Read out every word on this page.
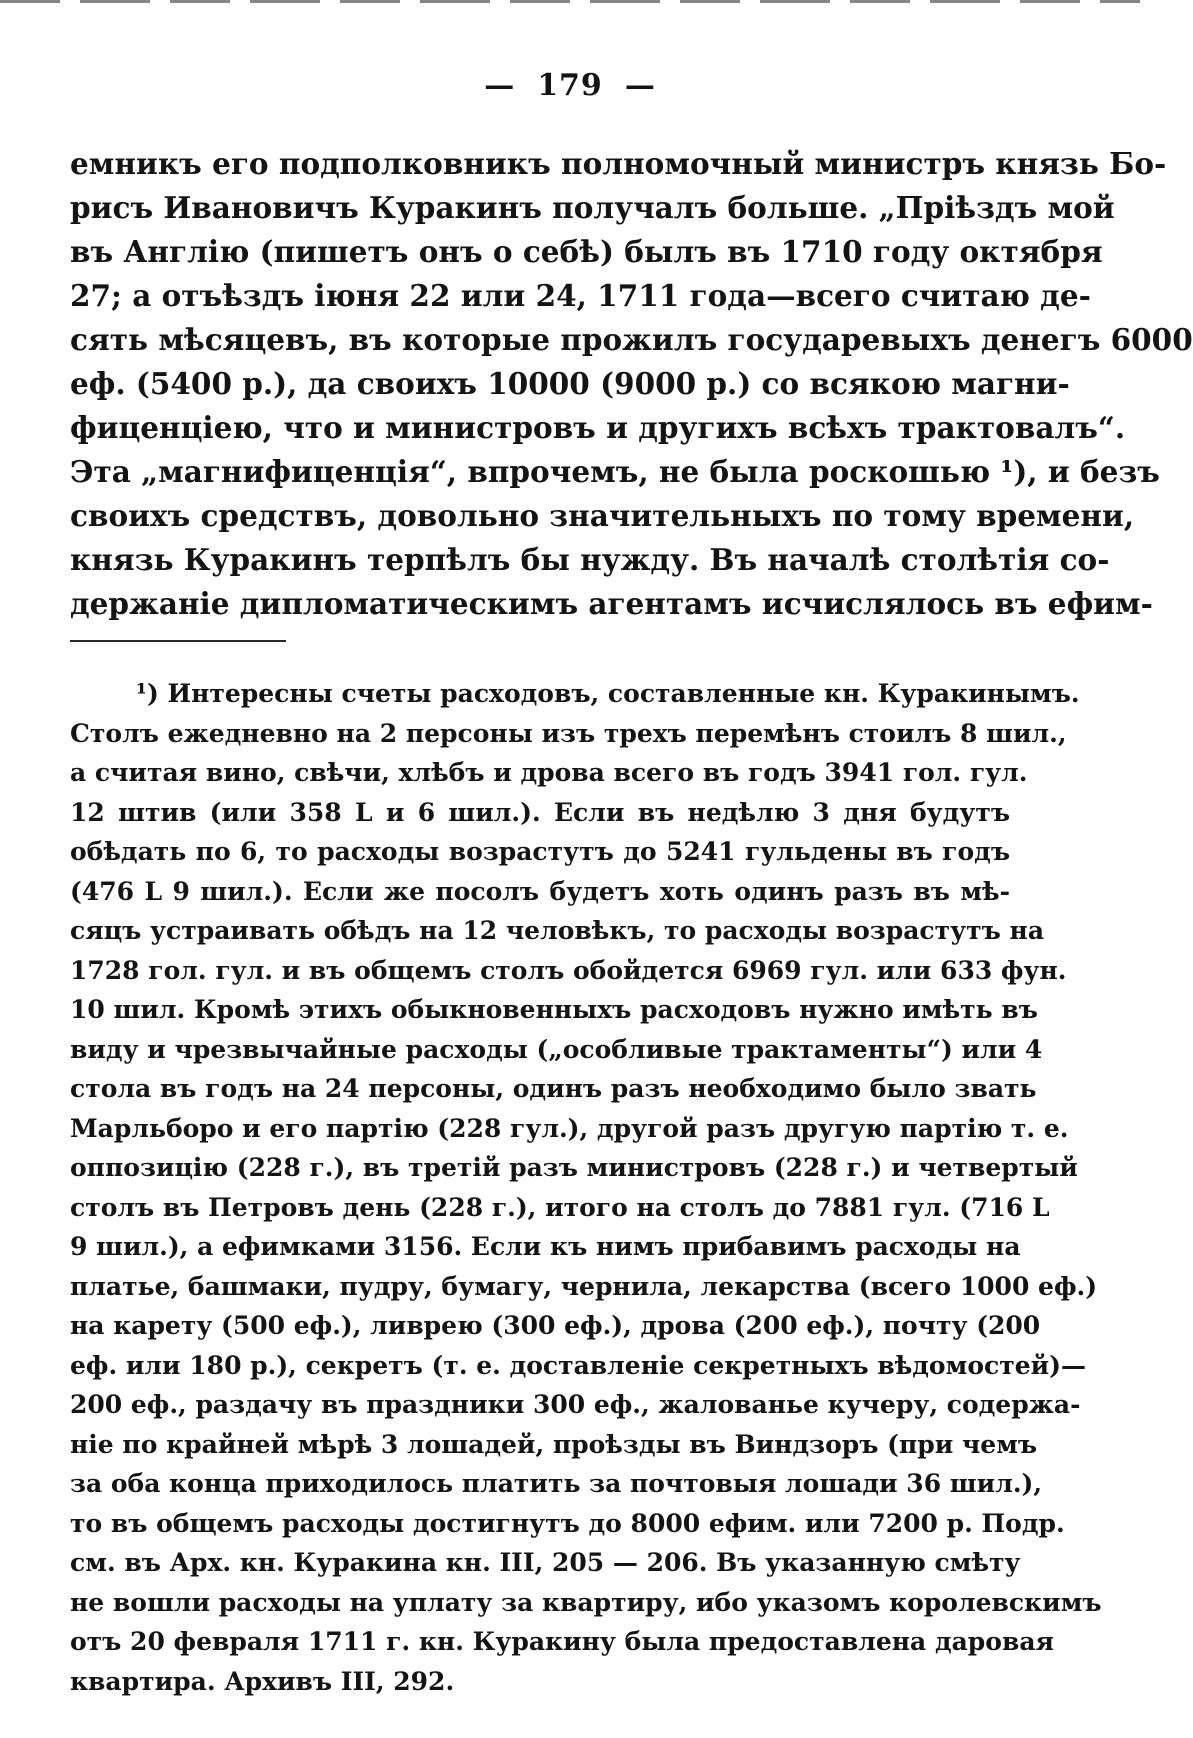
— 179 —
емникъ его подполковникъ полномочный министръ князь Бо-
рисъ Ивановичъ Куракинъ получалъ больше. „Пріѣздъ мой
въ Англію (пишетъ онъ о себѣ) былъ въ 1710 году октября
27; а отъѣздъ іюня 22 или 24, 1711 года—всего считаю де-
сять мѣсяцевъ, въ которые прожилъ государевыхъ денегъ 6000
еф. (5400 р.), да своихъ 10000 (9000 р.) со всякою магни-
фиценціею, что и министровъ и другихъ всѣхъ трактовалъ“.
Эта „магнифиценція“, впрочемъ, не была роскошью ¹), и безъ
своихъ средствъ, довольно значительныхъ по тому времени,
князь Куракинъ терпѣлъ бы нужду. Въ началѣ столѣтія со-
держаніе дипломатическимъ агентамъ исчислялось въ ефим-
¹) Интересны счеты расходовъ, составленные кн. Куракинымъ.
Столъ ежедневно на 2 персоны изъ трехъ перемѣнъ стоилъ 8 шил.,
а считая вино, свѣчи, хлѣбъ и дрова всего въ годъ 3941 гол. гул.
12 штив (или 358 L и 6 шил.). Если въ недѣлю 3 дня будутъ
обѣдать по 6, то расходы возрастутъ до 5241 гульдены въ годъ
(476 L 9 шил.). Если же посолъ будетъ хоть одинъ разъ въ мѣ-
сяцъ устраивать обѣдъ на 12 человѣкъ, то расходы возрастутъ на
1728 гол. гул. и въ общемъ столъ обойдется 6969 гул. или 633 фун.
10 шил. Кромѣ этихъ обыкновенныхъ расходовъ нужно имѣть въ
виду и чрезвычайные расходы („особливые трактаменты“) или 4
стола въ годъ на 24 персоны, одинъ разъ необходимо было звать
Марльборо и его партію (228 гул.), другой разъ другую партію т. е.
оппозицію (228 г.), въ третій разъ министровъ (228 г.) и четвертый
столъ въ Петровъ день (228 г.), итого на столъ до 7881 гул. (716 L
9 шил.), а ефимками 3156. Если къ нимъ прибавимъ расходы на
платье, башмаки, пудру, бумагу, чернила, лекарства (всего 1000 еф.)
на карету (500 еф.), ливрею (300 еф.), дрова (200 еф.), почту (200
еф. или 180 р.), секретъ (т. е. доставленіе секретныхъ вѣдомостей)—
200 еф., раздачу въ праздники 300 еф., жалованье кучеру, содержа-
ніе по крайней мѣрѣ 3 лошадей, проѣзды въ Виндзоръ (при чемъ
за оба конца приходилось платить за почтовыя лошади 36 шил.),
то въ общемъ расходы достигнутъ до 8000 ефим. или 7200 р. Подр.
см. въ Арх. кн. Куракина кн. III, 205 — 206. Въ указанную смѣту
не вошли расходы на уплату за квартиру, ибо указомъ королевскимъ
отъ 20 февраля 1711 г. кн. Куракину была предоставлена даровая
квартира. Архивъ III, 292.
